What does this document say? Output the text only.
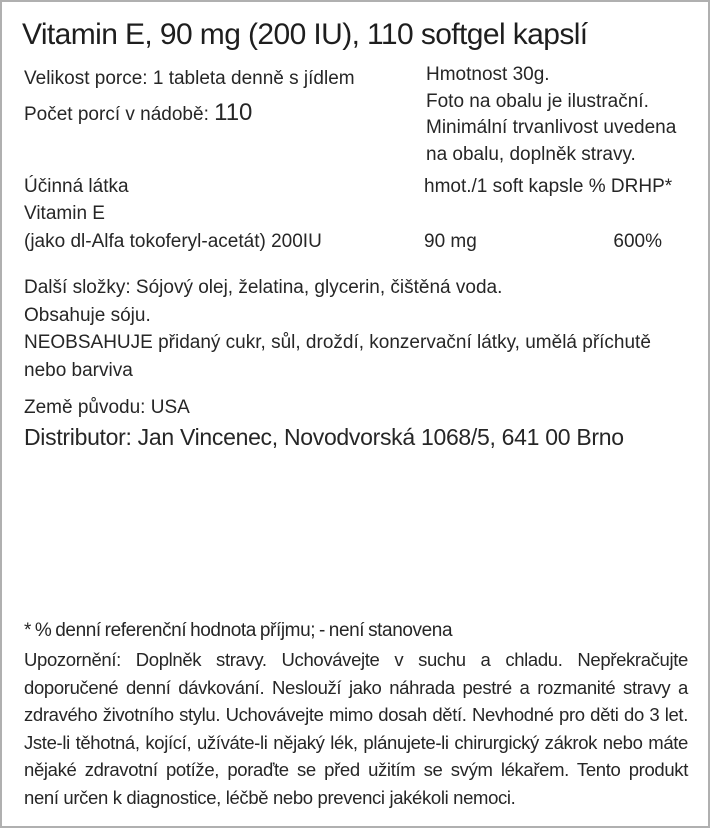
Vitamin E, 90 mg (200 IU), 110 softgel kapslí
Velikost porce: 1 tableta denně s jídlem
Počet porcí v nádobě: 110
Hmotnost 30g.
Foto na obalu je ilustrační.
Minimální trvanlivost uvedena
na obalu, doplněk stravy.
Účinná látka	hmot./1 soft kapsle % DRHP*
Vitamin E
(jako dl-Alfa tokoferyl-acetát) 200IU	90 mg	600%
Další složky: Sójový olej, želatina, glycerin, čištěná voda.
Obsahuje sóju.
NEOBSAHUJE přidaný cukr, sůl, droždí, konzervační látky, umělá příchutě nebo barviva
Země původu: USA
Distributor: Jan Vincenec, Novodvorská 1068/5, 641 00 Brno
* % denní referenční hodnota příjmu; - není stanovena
Upozornění: Doplněk stravy. Uchovávejte v suchu a chladu. Nepřekračujte doporučené denní dávkování. Neslouží jako náhrada pestré a rozmanité stravy a zdravého životního stylu. Uchovávejte mimo dosah dětí. Nevhodné pro děti do 3 let. Jste-li těhotná, kojící, užíváte-li nějaký lék, plánujete-li chirurgický zákrok nebo máte nějaké zdravotní potíže, poraďte se před užitím se svým lékařem. Tento produkt není určen k diagnostice, léčbě nebo prevenci jakékoli nemoci.
